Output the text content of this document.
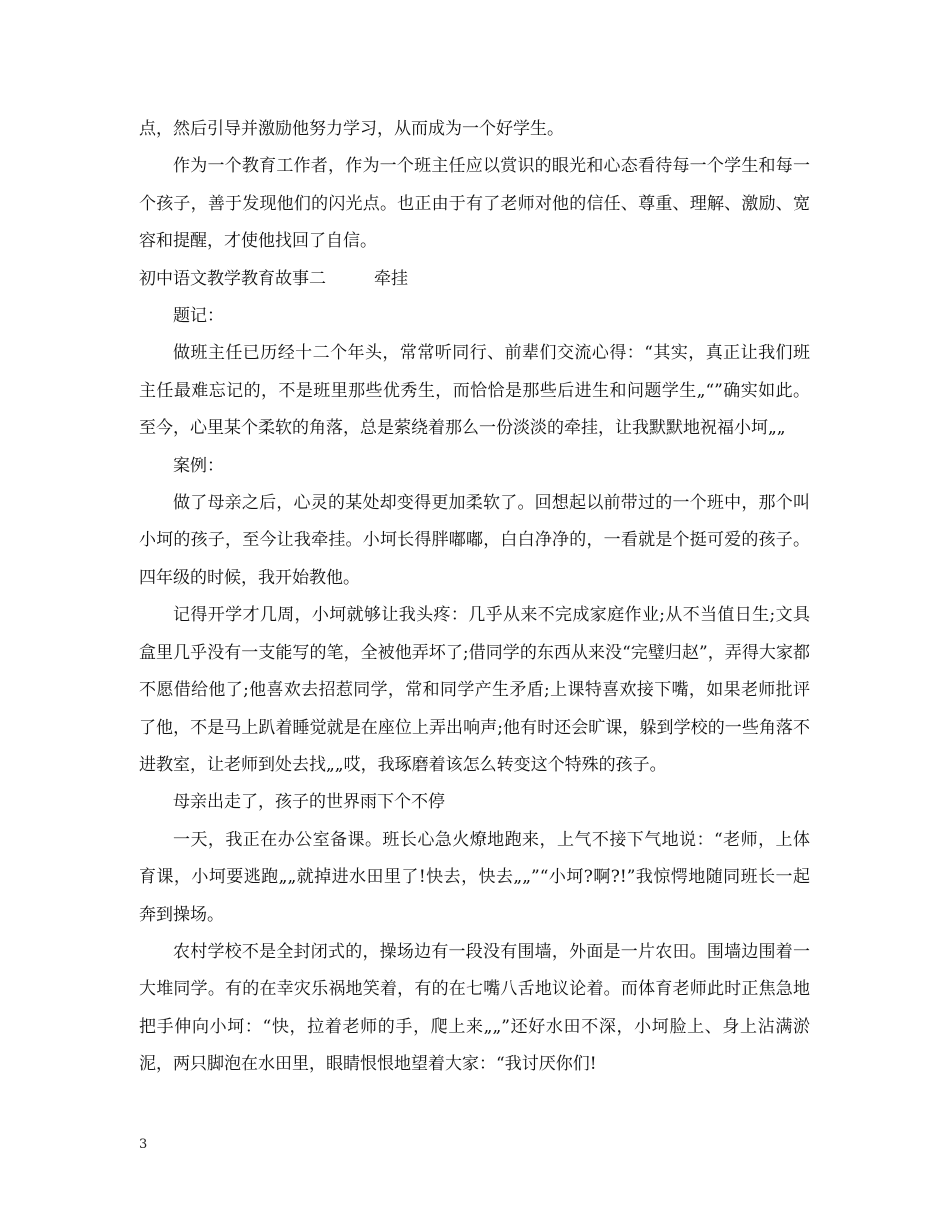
点，然后引导并激励他努力学习，从而成为一个好学生。

作为一个教育工作者，作为一个班主任应以赏识的眼光和心态看待每一个学生和每一个孩子，善于发现他们的闪光点。也正由于有了老师对他的信任、尊重、理解、激励、宽容和提醒，才使他找回了自信。

初中语文教学教育故事二	牵挂

题记：

做班主任已历经十二个年头，常常听同行、前辈们交流心得：“其实，真正让我们班主任最难忘记的，不是班里那些优秀生，而恰恰是那些后进生和问题学生„“”确实如此。至今，心里某个柔软的角落，总是萦绕着那么一份淡淡的牵挂，让我默默地祝福小坷„„

案例：

做了母亲之后，心灵的某处却变得更加柔软了。回想起以前带过的一个班中，那个叫小坷的孩子，至今让我牵挂。小坷长得胖嘟嘟，白白净净的，一看就是个挺可爱的孩子。四年级的时候，我开始教他。

记得开学才几周，小坷就够让我头疼：几乎从来不完成家庭作业;从不当值日生;文具盒里几乎没有一支能写的笔，全被他弄坏了;借同学的东西从来没“完璧归赵”，弄得大家都不愿借给他了;他喜欢去招惹同学，常和同学产生矛盾;上课特喜欢接下嘴，如果老师批评了他，不是马上趴着睡觉就是在座位上弄出响声;他有时还会旷课，躲到学校的一些角落不进教室，让老师到处去找„„哎，我琢磨着该怎么转变这个特殊的孩子。

母亲出走了，孩子的世界雨下个不停

一天，我正在办公室备课。班长心急火燎地跑来，上气不接下气地说：“老师，上体育课，小坷要逃跑„„就掉进水田里了!快去，快去„„”“小坷?啊?!”我惊愕地随同班长一起奔到操场。

农村学校不是全封闭式的，操场边有一段没有围墙，外面是一片农田。围墙边围着一大堆同学。有的在幸灾乐祸地笑着，有的在七嘴八舌地议论着。而体育老师此时正焦急地把手伸向小坷：“快，拉着老师的手，爬上来„„”还好水田不深，小坷脸上、身上沾满淤泥，两只脚泡在水田里，眼睛恨恨地望着大家：“我讨厌你们!

3
